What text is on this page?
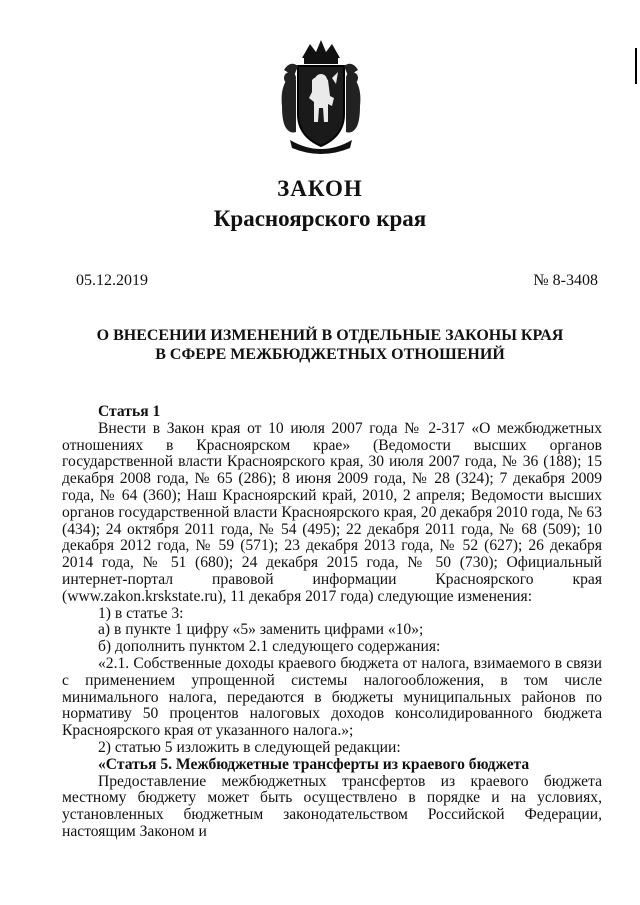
ЗАКОН
Красноярского края
05.12.2019	№ 8-3408
О ВНЕСЕНИИ ИЗМЕНЕНИЙ В ОТДЕЛЬНЫЕ ЗАКОНЫ КРАЯ
В СФЕРЕ МЕЖБЮДЖЕТНЫХ ОТНОШЕНИЙ

Статья 1

Внести в Закон края от 10 июля 2007 года № 2-317 «О межбюджетных отношениях в Красноярском крае» (Ведомости высших органов государственной власти Красноярского края, 30 июля 2007 года, № 36 (188); 15 декабря 2008 года, № 65 (286); 8 июня 2009 года, № 28 (324); 7 декабря 2009 года, № 64 (360); Наш Красноярский край, 2010, 2 апреля; Ведомости высших органов государственной власти Красноярского края, 20 декабря 2010 года, № 63 (434); 24 октября 2011 года, № 54 (495); 22 декабря 2011 года, № 68 (509); 10 декабря 2012 года, № 59 (571); 23 декабря 2013 года, № 52 (627); 26 декабря 2014 года, № 51 (680); 24 декабря 2015 года, № 50 (730); Официальный интернет-портал правовой информации Красноярского края (www.zakon.krskstate.ru), 11 декабря 2017 года) следующие изменения:

1) в статье 3:

а) в пункте 1 цифру «5» заменить цифрами «10»;

б) дополнить пунктом 2.1 следующего содержания:

«2.1. Собственные доходы краевого бюджета от налога, взимаемого в связи с применением упрощенной системы налогообложения, в том числе минимального налога, передаются в бюджеты муниципальных районов по нормативу 50 процентов налоговых доходов консолидированного бюджета Красноярского края от указанного налога.»;

2) статью 5 изложить в следующей редакции:

«Статья 5. Межбюджетные трансферты из краевого бюджета

Предоставление межбюджетных трансфертов из краевого бюджета местному бюджету может быть осуществлено в порядке и на условиях, установленных бюджетным законодательством Российской Федерации, настоящим Законом и
